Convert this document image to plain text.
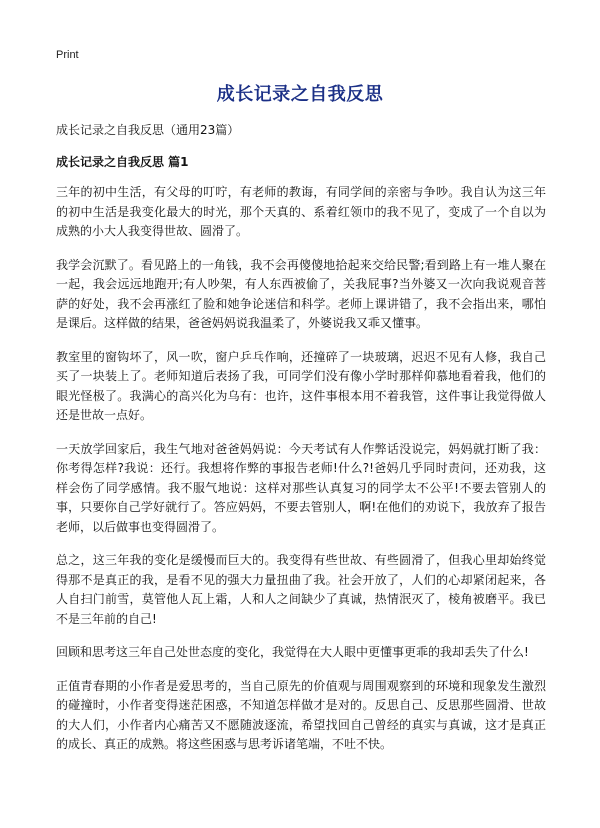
Print
成长记录之自我反思
成长记录之自我反思（通用23篇）
成长记录之自我反思 篇1

三年的初中生活，有父母的叮咛，有老师的教诲，有同学间的亲密与争吵。我自认为这三年的初中生活是我变化最大的时光，那个天真的、系着红领巾的我不见了，变成了一个自以为成熟的小大人我变得世故、圆滑了。

我学会沉默了。看见路上的一角钱，我不会再傻傻地拾起来交给民警;看到路上有一堆人聚在一起，我会远远地跑开;有人吵架，有人东西被偷了，关我屁事?当外婆又一次向我说观音菩萨的好处，我不会再涨红了脸和她争论迷信和科学。老师上课讲错了，我不会指出来，哪怕是课后。这样做的结果，爸爸妈妈说我温柔了，外婆说我又乖又懂事。

教室里的窗钩坏了，风一吹，窗户乒乓作响，还撞碎了一块玻璃，迟迟不见有人修，我自己买了一块装上了。老师知道后表扬了我，可同学们没有像小学时那样仰慕地看着我，他们的眼光怪极了。我满心的高兴化为乌有：也许，这件事根本用不着我管，这件事让我觉得做人还是世故一点好。

一天放学回家后，我生气地对爸爸妈妈说：今天考试有人作弊话没说完，妈妈就打断了我：你考得怎样?我说：还行。我想将作弊的事报告老师!什么?!爸妈几乎同时责问，还劝我，这样会伤了同学感情。我不服气地说：这样对那些认真复习的同学太不公平!不要去管别人的事，只要你自己学好就行了。答应妈妈，不要去管别人，啊!在他们的劝说下，我放弃了报告老师，以后做事也变得圆滑了。

总之，这三年我的变化是缓慢而巨大的。我变得有些世故、有些圆滑了，但我心里却始终觉得那不是真正的我，是看不见的强大力量扭曲了我。社会开放了，人们的心却紧闭起来，各人自扫门前雪，莫管他人瓦上霜，人和人之间缺少了真诚，热情泯灭了，棱角被磨平。我已不是三年前的自己!

回顾和思考这三年自己处世态度的变化，我觉得在大人眼中更懂事更乖的我却丢失了什么!

正值青春期的小作者是爱思考的，当自己原先的价值观与周围观察到的环境和现象发生激烈的碰撞时，小作者变得迷茫困惑，不知道怎样做才是对的。反思自己、反思那些圆滑、世故的大人们，小作者内心痛苦又不愿随波逐流，希望找回自己曾经的真实与真诚，这才是真正的成长、真正的成熟。将这些困惑与思考诉诸笔端，不吐不快。
